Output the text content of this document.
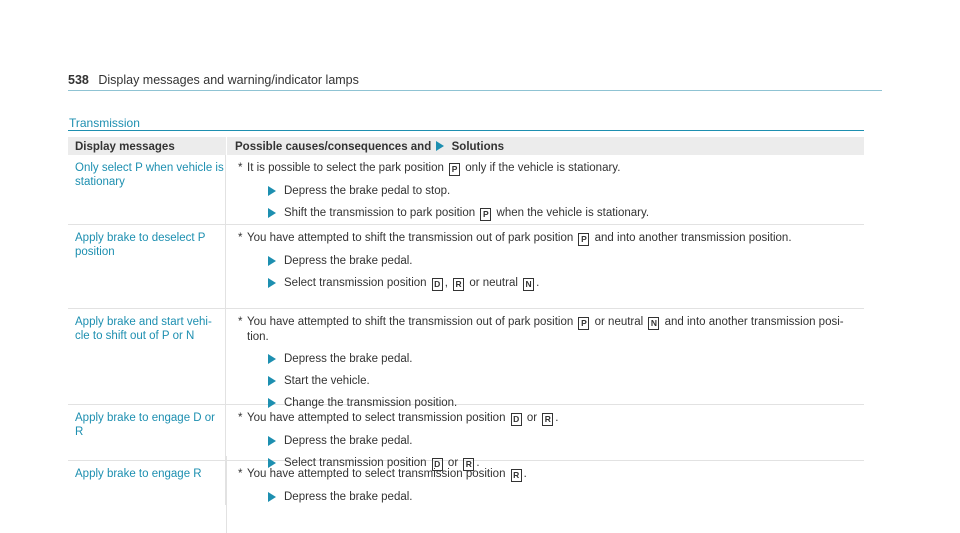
538 Display messages and warning/indicator lamps
Transmission
Display messages	Possible causes/consequences and Solutions
Only select P when vehicle is stationary
* It is possible to select the park position P only if the vehicle is stationary.
Depress the brake pedal to stop.
Shift the transmission to park position P when the vehicle is stationary.
Apply brake to deselect P position
* You have attempted to shift the transmission out of park position P and into another transmission position.
Depress the brake pedal.
Select transmission position D , R or neutral N .
Apply brake and start vehi-cle to shift out of P or N
* You have attempted to shift the transmission out of park position P or neutral N and into another transmission posi-tion.
Depress the brake pedal.
Start the vehicle.
Change the transmission position.
Apply brake to engage D or R
* You have attempted to select transmission position D or R .
Depress the brake pedal.
Select transmission position D or R .
Apply brake to engage R	* You have attempted to select transmission position R .
Depress the brake pedal.
